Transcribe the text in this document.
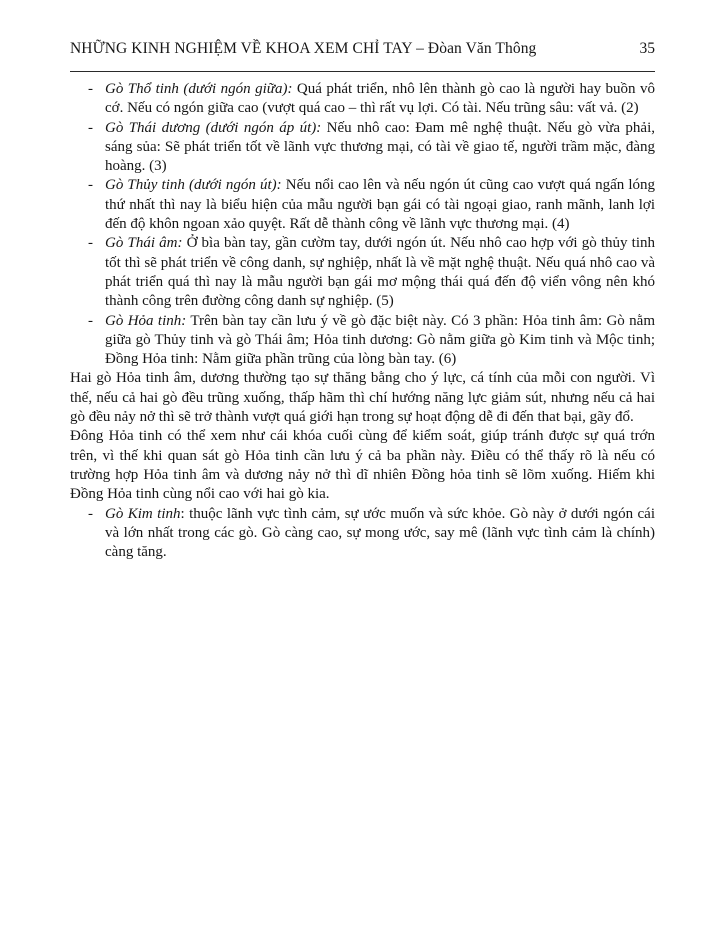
NHỮNG KINH NGHIỆM VỀ KHOA XEM CHỈ TAY – Đòan Văn Thông	35
- Gò Thổ tinh (dưới ngón giữa): Quá phát triển, nhô lên thành gò cao là người hay buồn vô cớ. Nếu có ngón giữa cao (vượt quá cao – thì rất vụ lợi. Có tài. Nếu trũng sâu: vất vả. (2)

- Gò Thái dương (dưới ngón áp út): Nếu nhô cao: Đam mê nghệ thuật. Nếu gò vừa phải, sáng sủa: Sẽ phát triển tốt về lãnh vực thương mại, có tài về giao tế, người trầm mặc, đàng hoàng. (3)

- Gò Thủy tinh (dưới ngón út): Nếu nổi cao lên và nếu ngón út cũng cao vượt quá ngấn lóng thứ nhất thì nay là biểu hiện của mẫu người bạn gái có tài ngoại giao, ranh mãnh, lanh lợi đến độ khôn ngoan xảo quyệt. Rất dễ thành công về lãnh vực thương mại. (4)

- Gò Thái âm: Ở bìa bàn tay, gần cườm tay, dưới ngón út. Nếu nhô cao hợp với gò thủy tinh tốt thì sẽ phát triển về công danh, sự nghiệp, nhất là về mặt nghệ thuật. Nếu quá nhô cao và phát triển quá thì nay là mẫu người bạn gái mơ mộng thái quá đến độ viển vông nên khó thành công trên đường công danh sự nghiệp. (5)

- Gò Hỏa tinh: Trên bàn tay cần lưu ý về gò đặc biệt này. Có 3 phần: Hỏa tinh âm: Gò nằm giữa gò Thủy tinh và gò Thái âm; Hỏa tinh dương: Gò nằm giữa gò Kim tinh và Mộc tinh; Đồng Hỏa tinh: Nằm giữa phần trũng của lòng bàn tay. (6)

Hai gò Hỏa tinh âm, dương thường tạo sự thăng bằng cho ý lực, cá tính của mỗi con người. Vì thế, nếu cả hai gò đều trũng xuống, thấp hãm thì chí hướng năng lực giảm sút, nhưng nếu cả hai gò đều nảy nở thì sẽ trở thành vượt quá giới hạn trong sự hoạt động dễ đi đến that bại, gãy đổ.

Đông Hỏa tinh có thể xem như cái khóa cuối cùng để kiểm soát, giúp tránh được sự quá trớn trên, vì thế khi quan sát gò Hỏa tinh cần lưu ý cả ba phần này. Điều có thể thấy rõ là nếu có trường hợp Hỏa tinh âm và dương nảy nở thì dĩ nhiên Đồng hỏa tinh sẽ lõm xuống. Hiếm khi Đồng Hỏa tinh cùng nổi cao với hai gò kia.

- Gò Kim tinh: thuộc lãnh vực tình cảm, sự ước muốn và sức khỏe. Gò này ở dưới ngón cái và lớn nhất trong các gò. Gò càng cao, sự mong ước, say mê (lãnh vực tình cảm là chính) càng tăng.
